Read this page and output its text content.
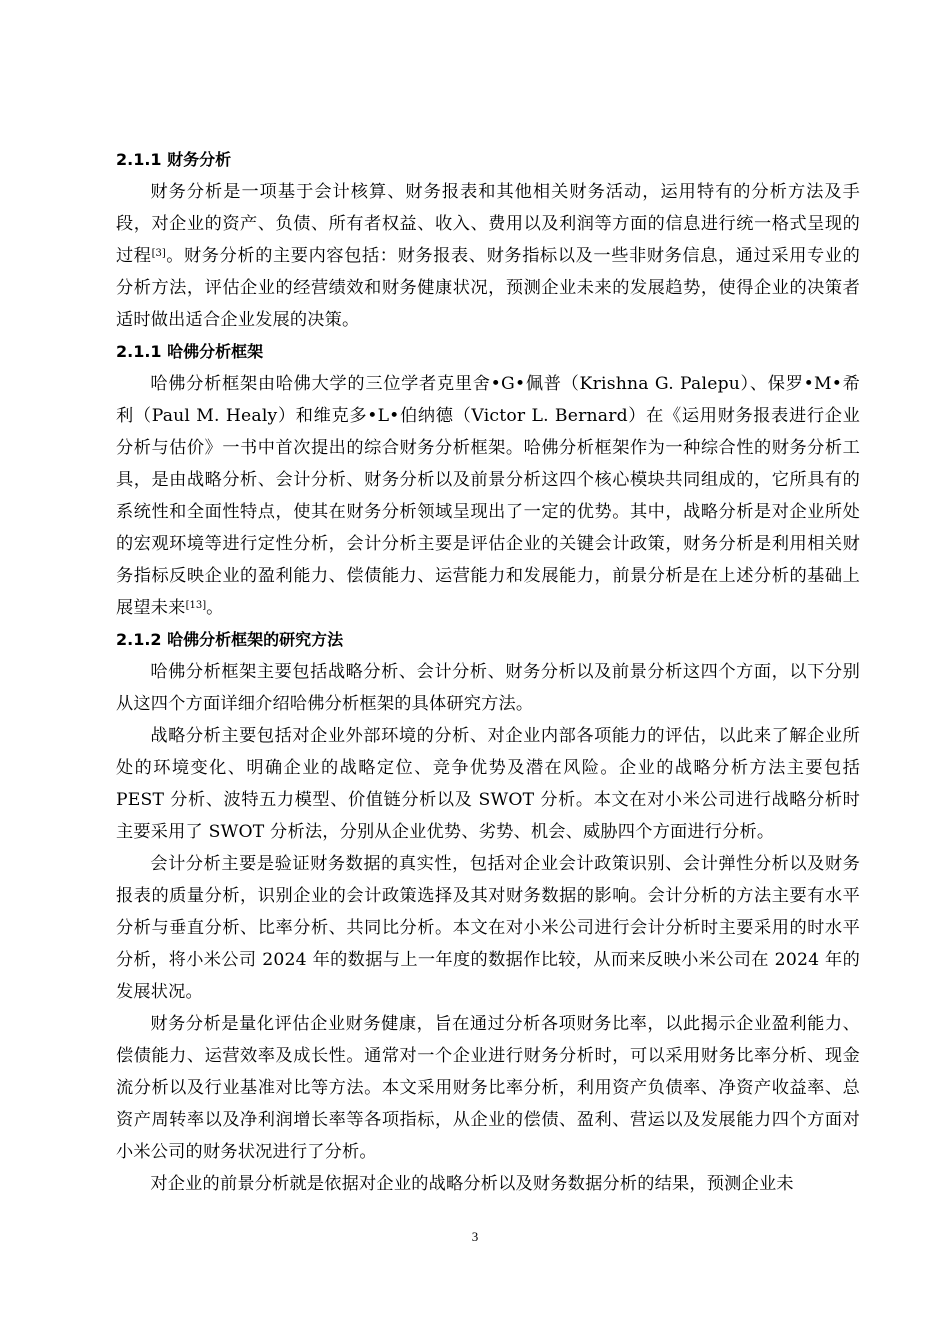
2.1.1 财务分析

财务分析是一项基于会计核算、财务报表和其他相关财务活动，运用特有的分析方法及手段，对企业的资产、负债、所有者权益、收入、费用以及利润等方面的信息进行统一格式呈现的过程[3]。财务分析的主要内容包括：财务报表、财务指标以及一些非财务信息，通过采用专业的分析方法，评估企业的经营绩效和财务健康状况，预测企业未来的发展趋势，使得企业的决策者适时做出适合企业发展的决策。

2.1.1 哈佛分析框架

哈佛分析框架由哈佛大学的三位学者克里舍•G•佩普（Krishna G. Palepu）、保罗•M•希利（Paul M. Healy）和维克多•L•伯纳德（Victor L. Bernard）在《运用财务报表进行企业分析与估价》一书中首次提出的综合财务分析框架。哈佛分析框架作为一种综合性的财务分析工具，是由战略分析、会计分析、财务分析以及前景分析这四个核心模块共同组成的，它所具有的系统性和全面性特点，使其在财务分析领域呈现出了一定的优势。其中，战略分析是对企业所处的宏观环境等进行定性分析，会计分析主要是评估企业的关键会计政策，财务分析是利用相关财务指标反映企业的盈利能力、偿债能力、运营能力和发展能力，前景分析是在上述分析的基础上展望未来[13]。

2.1.2 哈佛分析框架的研究方法

哈佛分析框架主要包括战略分析、会计分析、财务分析以及前景分析这四个方面，以下分别从这四个方面详细介绍哈佛分析框架的具体研究方法。

战略分析主要包括对企业外部环境的分析、对企业内部各项能力的评估，以此来了解企业所处的环境变化、明确企业的战略定位、竞争优势及潜在风险。企业的战略分析方法主要包括 PEST 分析、波特五力模型、价值链分析以及 SWOT 分析。本文在对小米公司进行战略分析时主要采用了 SWOT 分析法，分别从企业优势、劣势、机会、威胁四个方面进行分析。

会计分析主要是验证财务数据的真实性，包括对企业会计政策识别、会计弹性分析以及财务报表的质量分析，识别企业的会计政策选择及其对财务数据的影响。会计分析的方法主要有水平分析与垂直分析、比率分析、共同比分析。本文在对小米公司进行会计分析时主要采用的时水平分析，将小米公司 2024 年的数据与上一年度的数据作比较，从而来反映小米公司在 2024 年的发展状况。

财务分析是量化评估企业财务健康，旨在通过分析各项财务比率，以此揭示企业盈利能力、偿债能力、运营效率及成长性。通常对一个企业进行财务分析时，可以采用财务比率分析、现金流分析以及行业基准对比等方法。本文采用财务比率分析，利用资产负债率、净资产收益率、总资产周转率以及净利润增长率等各项指标，从企业的偿债、盈利、营运以及发展能力四个方面对小米公司的财务状况进行了分析。

对企业的前景分析就是依据对企业的战略分析以及财务数据分析的结果，预测企业未

3
